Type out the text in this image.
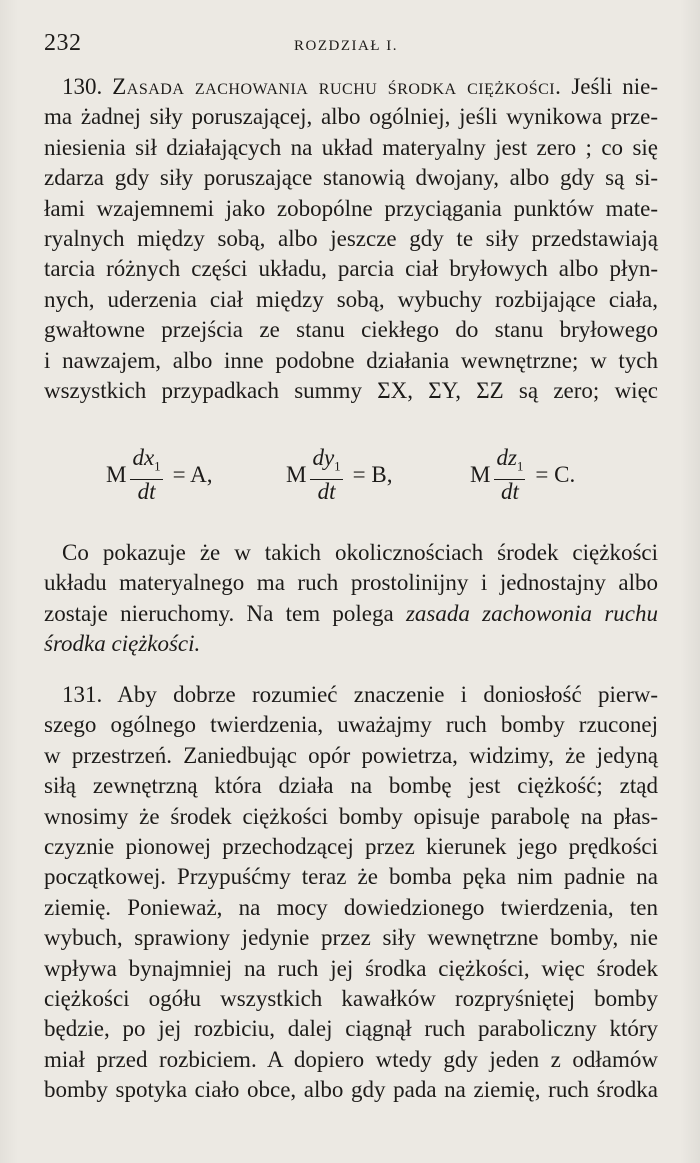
232	ROZDZIAŁ I.
130. Zasada zachowania ruchu środka ciężkości. Jeśli nie-
ma żadnej siły poruszającej, albo ogólniej, jeśli wynikowa prze-
niesienia sił działających na układ materyalny jest zero ; co się
zdarza gdy siły poruszające stanowią dwojany, albo gdy są si-
łami wzajemnemi jako zobopólne przyciągania punktów mate-
ryalnych między sobą, albo jeszcze gdy te siły przedstawiają
tarcia różnych części układu, parcia ciał bryłowych albo płyn-
nych, uderzenia ciał między sobą, wybuchy rozbijające ciała,
gwałtowne przejścia ze stanu ciekłego do stanu bryłowego
i nawzajem, albo inne podobne działania wewnętrzne; w tych
wszystkich przypadkach summy ΣX, ΣY, ΣZ są zero; więc
M $\frac{dx_1}{dt} = A$,	M $\frac{dy_1}{dt} = B$,	M $\frac{dz_1}{dt} = C$.
Co pokazuje że w takich okolicznościach środek ciężkości
układu materyalnego ma ruch prostolinijny i jednostajny albo
zostaje nieruchomy. Na tem polega zasada zachowonia ruchu
środka ciężkości.
131. Aby dobrze rozumieć znaczenie i doniosłość pierw-
szego ogólnego twierdzenia, uważajmy ruch bomby rzuconej
w przestrzeń. Zaniedbując opór powietrza, widzimy, że jedyną
siłą zewnętrzną która działa na bombę jest ciężkość; ztąd
wnosimy że środek ciężkości bomby opisuje parabolę na płas-
czyznie pionowej przechodzącej przez kierunek jego prędkości
początkowej. Przypuśćmy teraz że bomba pęka nim padnie na
ziemię. Ponieważ, na mocy dowiedzionego twierdzenia, ten
wybuch, sprawiony jedynie przez siły wewnętrzne bomby, nie
wpływa bynajmniej na ruch jej środka ciężkości, więc środek
ciężkości ogółu wszystkich kawałków rozpryśniętej bomby
będzie, po jej rozbiciu, dalej ciągnął ruch paraboliczny który
miał przed rozbiciem. A dopiero wtedy gdy jeden z odłamów
bomby spotyka ciało obce, albo gdy pada na ziemię, ruch środka
